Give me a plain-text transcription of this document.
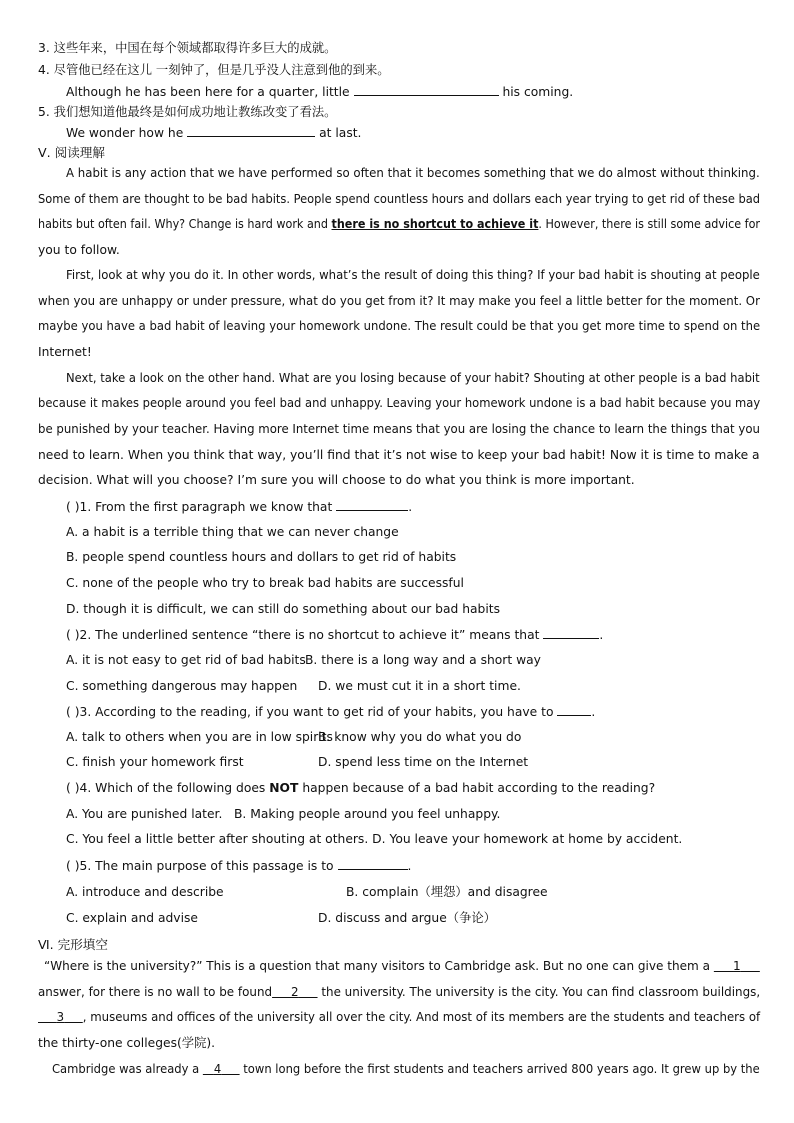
3. 这些年来，中国在每个领域都取得许多巨大的成就。
4. 尽管他已经在这儿 一刻钟了，但是几乎没人注意到他的到来。
Although he has been here for a quarter, little	his coming.
5. 我们想知道他最终是如何成功地让教练改变了看法。
We wonder how he	at last.
Ⅴ. 阅读理解
A habit is any action that we have performed so often that it becomes something that we do almost without thinking.
Some of them are thought to be bad habits. People spend countless hours and dollars each year trying to get rid of these bad
habits but often fail. Why? Change is hard work and there is no shortcut to achieve it. However, there is still some advice for
you to follow.
First, look at why you do it. In other words, what’s the result of doing this thing? If your bad habit is shouting at people
when you are unhappy or under pressure, what do you get from it? It may make you feel a little better for the moment. Or
maybe you have a bad habit of leaving your homework undone. The result could be that you get more time to spend on the
Internet!
Next, take a look on the other hand. What are you losing because of your habit? Shouting at other people is a bad habit
because it makes people around you feel bad and unhappy. Leaving your homework undone is a bad habit because you may
be punished by your teacher. Having more Internet time means that you are losing the chance to learn the things that you
need to learn. When you think that way, you’ll find that it’s not wise to keep your bad habit! Now it is time to make a
decision. What will you choose? I’m sure you will choose to do what you think is more important.
( )1. From the first paragraph we know that	.
A. a habit is a terrible thing that we can never change
B. people spend countless hours and dollars to get rid of habits
C. none of the people who try to break bad habits are successful
D. though it is difficult, we can still do something about our bad habits
( )2. The underlined sentence “there is no shortcut to achieve it” means that	.
A. it is not easy to get rid of bad habits B. there is a long way and a short way
C. something dangerous may happen D. we must cut it in a short time.
( )3. According to the reading, if you want to get rid of your habits, you have to	.
A. talk to others when you are in low spirits
B. know why you do what you do
C. finish your homework first	D. spend less time on the Internet
( )4. Which of the following does NOT happen because of a bad habit according to the reading?
A. You are punished later. B. Making people around you feel unhappy.
C. You feel a little better after shouting at others. D. You leave your homework at home by accident.
( )5. The main purpose of this passage is to	.
A. introduce and describe	B. complain（埋怨）and disagree
C. explain and advise	D. discuss and argue（争论）
Ⅵ. 完形填空
“Where is the university?” This is a question that many visitors to Cambridge ask. But no one can give them a 1
answer, for there is no wall to be found 2 the university. The university is the city. You can find classroom buildings,
3 , museums and offices of the university all over the city. And most of its members are the students and teachers of
the thirty-one colleges(学院).
Cambridge was already a 4 town long before the first students and teachers arrived 800 years ago. It grew up by the
